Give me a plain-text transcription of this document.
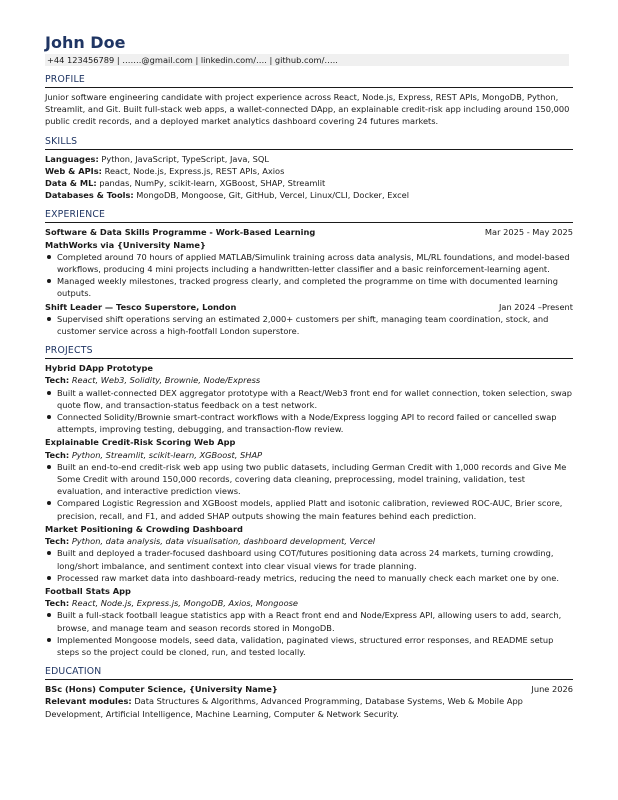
John Doe
+44 123456789 | …….@gmail.com | linkedin.com/…. | github.com/…..
PROFILE
Junior software engineering candidate with project experience across React, Node.js, Express, REST APIs, MongoDB, Python, Streamlit, and Git. Built full-stack web apps, a wallet-connected DApp, an explainable credit-risk app including around 150,000 public credit records, and a deployed market analytics dashboard covering 24 futures markets.
SKILLS
Languages: Python, JavaScript, TypeScript, Java, SQL
Web & APIs: React, Node.js, Express.js, REST APIs, Axios
Data & ML: pandas, NumPy, scikit-learn, XGBoost, SHAP, Streamlit
Databases & Tools: MongoDB, Mongoose, Git, GitHub, Vercel, Linux/CLI, Docker, Excel
EXPERIENCE
Software & Data Skills Programme - Work-Based Learning	Mar 2025 - May 2025
MathWorks via {University Name}
Completed around 70 hours of applied MATLAB/Simulink training across data analysis, ML/RL foundations, and model-based workflows, producing 4 mini projects including a handwritten-letter classifier and a basic reinforcement-learning agent.
Managed weekly milestones, tracked progress clearly, and completed the programme on time with documented learning outputs.
Shift Leader — Tesco Superstore, London	Jan 2024 –Present
Supervised shift operations serving an estimated 2,000+ customers per shift, managing team coordination, stock, and customer service across a high-footfall London superstore.
PROJECTS
Hybrid DApp Prototype
Tech: React, Web3, Solidity, Brownie, Node/Express
Built a wallet-connected DEX aggregator prototype with a React/Web3 front end for wallet connection, token selection, swap quote flow, and transaction-status feedback on a test network.
Connected Solidity/Brownie smart-contract workflows with a Node/Express logging API to record failed or cancelled swap attempts, improving testing, debugging, and transaction-flow review.
Explainable Credit-Risk Scoring Web App
Tech: Python, Streamlit, scikit-learn, XGBoost, SHAP
Built an end-to-end credit-risk web app using two public datasets, including German Credit with 1,000 records and Give Me Some Credit with around 150,000 records, covering data cleaning, preprocessing, model training, validation, test evaluation, and interactive prediction views.
Compared Logistic Regression and XGBoost models, applied Platt and isotonic calibration, reviewed ROC-AUC, Brier score, precision, recall, and F1, and added SHAP outputs showing the main features behind each prediction.
Market Positioning & Crowding Dashboard
Tech: Python, data analysis, data visualisation, dashboard development, Vercel
Built and deployed a trader-focused dashboard using COT/futures positioning data across 24 markets, turning crowding, long/short imbalance, and sentiment context into clear visual views for trade planning.
Processed raw market data into dashboard-ready metrics, reducing the need to manually check each market one by one.
Football Stats App
Tech: React, Node.js, Express.js, MongoDB, Axios, Mongoose
Built a full-stack football league statistics app with a React front end and Node/Express API, allowing users to add, search, browse, and manage team and season records stored in MongoDB.
Implemented Mongoose models, seed data, validation, paginated views, structured error responses, and README setup steps so the project could be cloned, run, and tested locally.
EDUCATION
BSc (Hons) Computer Science, {University Name}	June 2026
Relevant modules: Data Structures & Algorithms, Advanced Programming, Database Systems, Web & Mobile App Development, Artificial Intelligence, Machine Learning, Computer & Network Security.
